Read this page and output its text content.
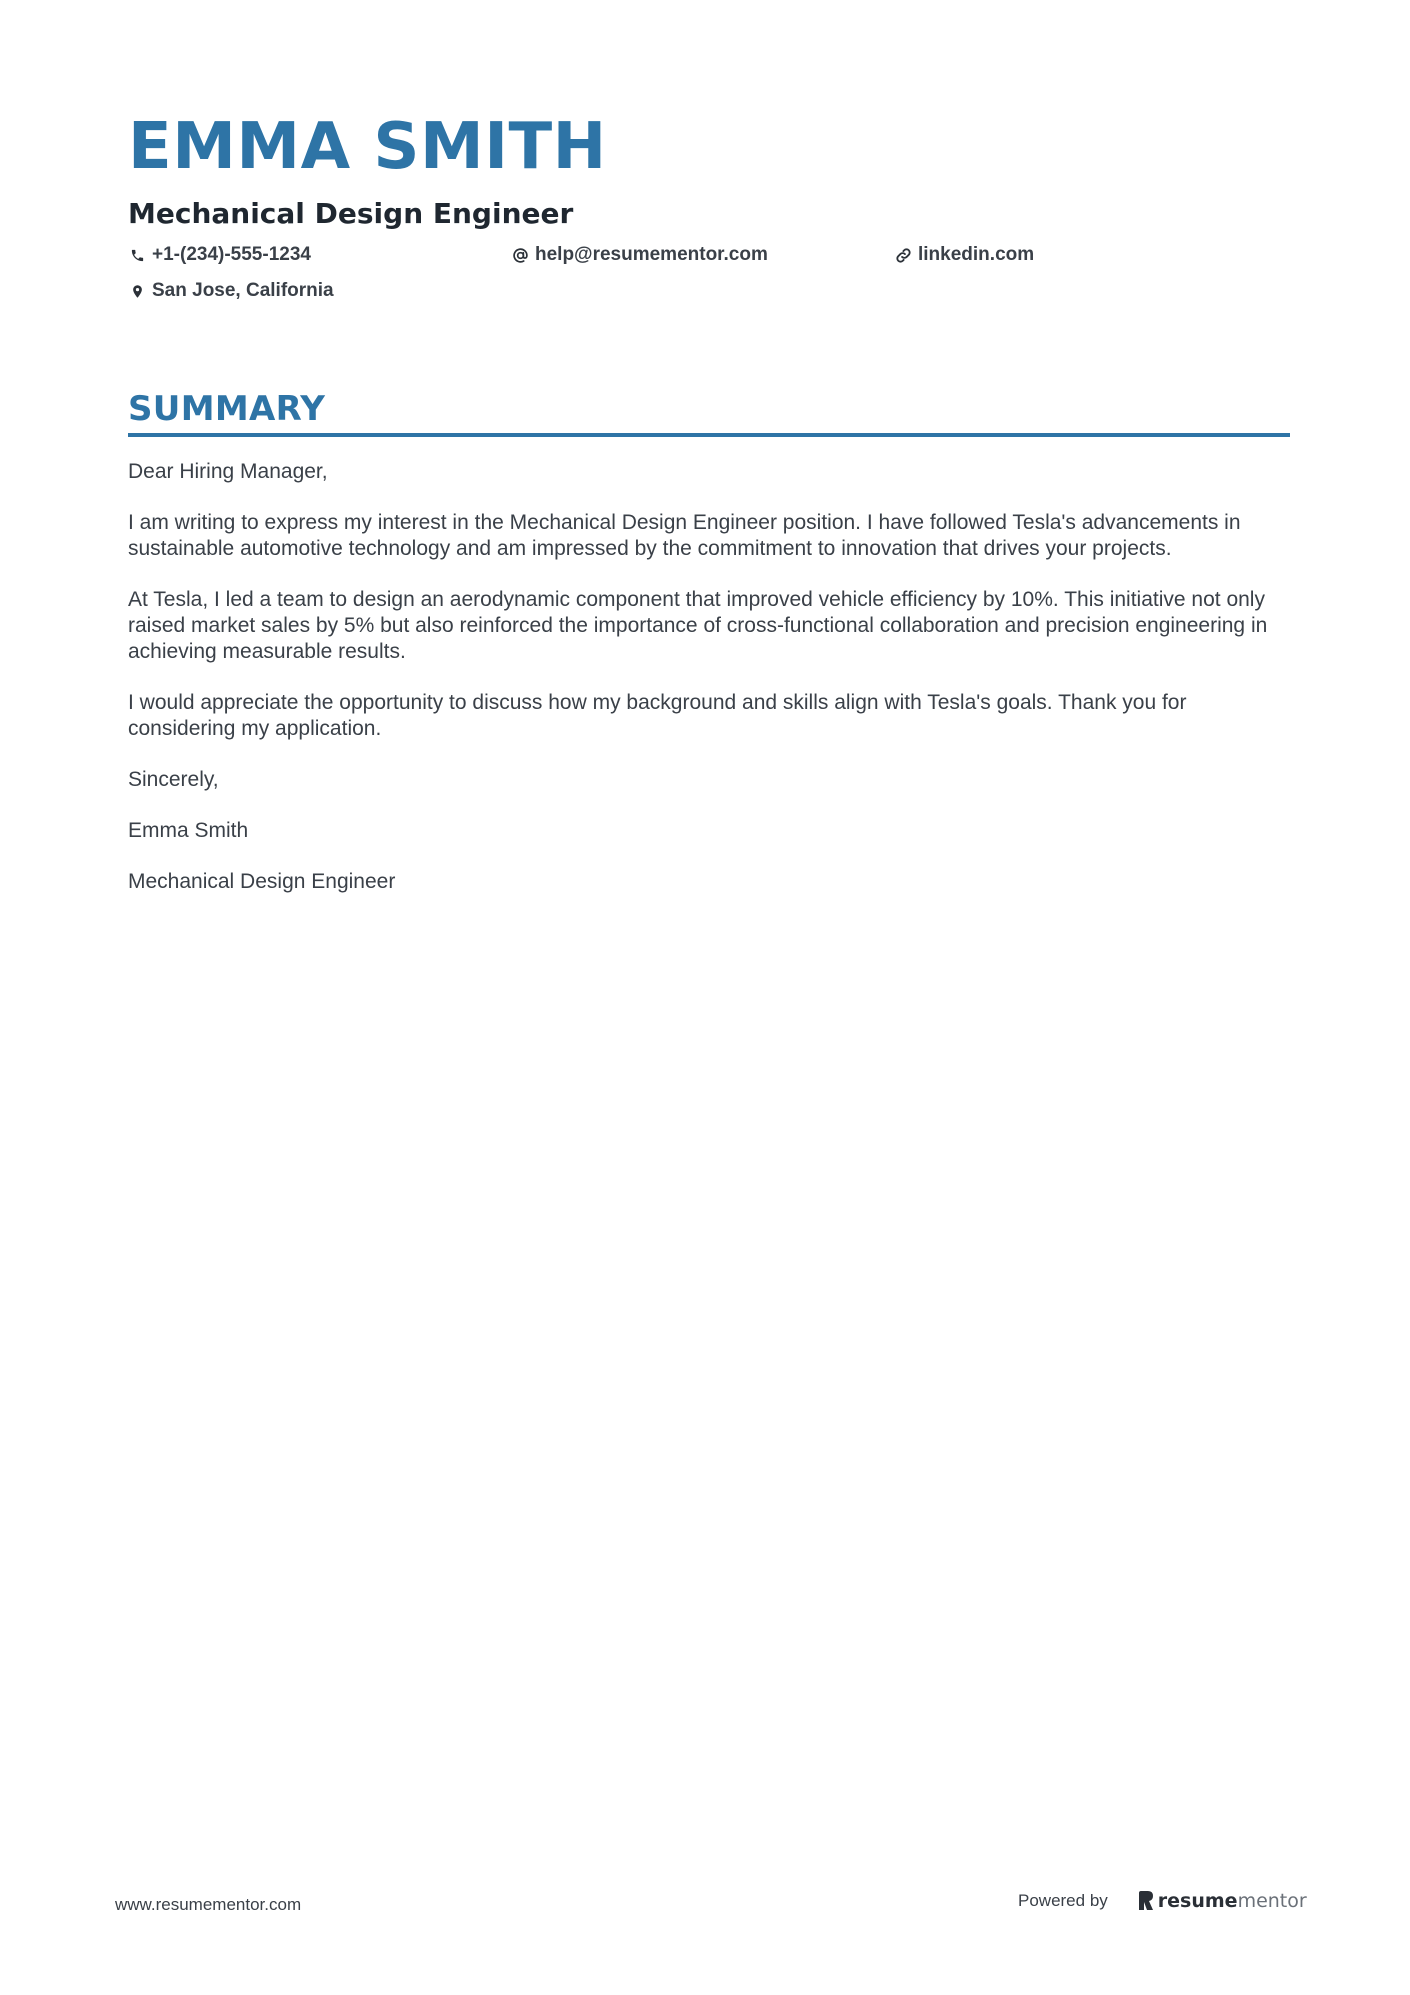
EMMA SMITH
Mechanical Design Engineer
+1-(234)-555-1234	help@resumementor.com	linkedin.com
San Jose, California
SUMMARY

Dear Hiring Manager,

I am writing to express my interest in the Mechanical Design Engineer position. I have followed Tesla's advancements in sustainable automotive technology and am impressed by the commitment to innovation that drives your projects.

At Tesla, I led a team to design an aerodynamic component that improved vehicle efficiency by 10%. This initiative not only raised market sales by 5% but also reinforced the importance of cross-functional collaboration and precision engineering in achieving measurable results.

I would appreciate the opportunity to discuss how my background and skills align with Tesla's goals. Thank you for considering my application.

Sincerely,

Emma Smith

Mechanical Design Engineer

www.resumementor.com	Powered by	resume mentor
